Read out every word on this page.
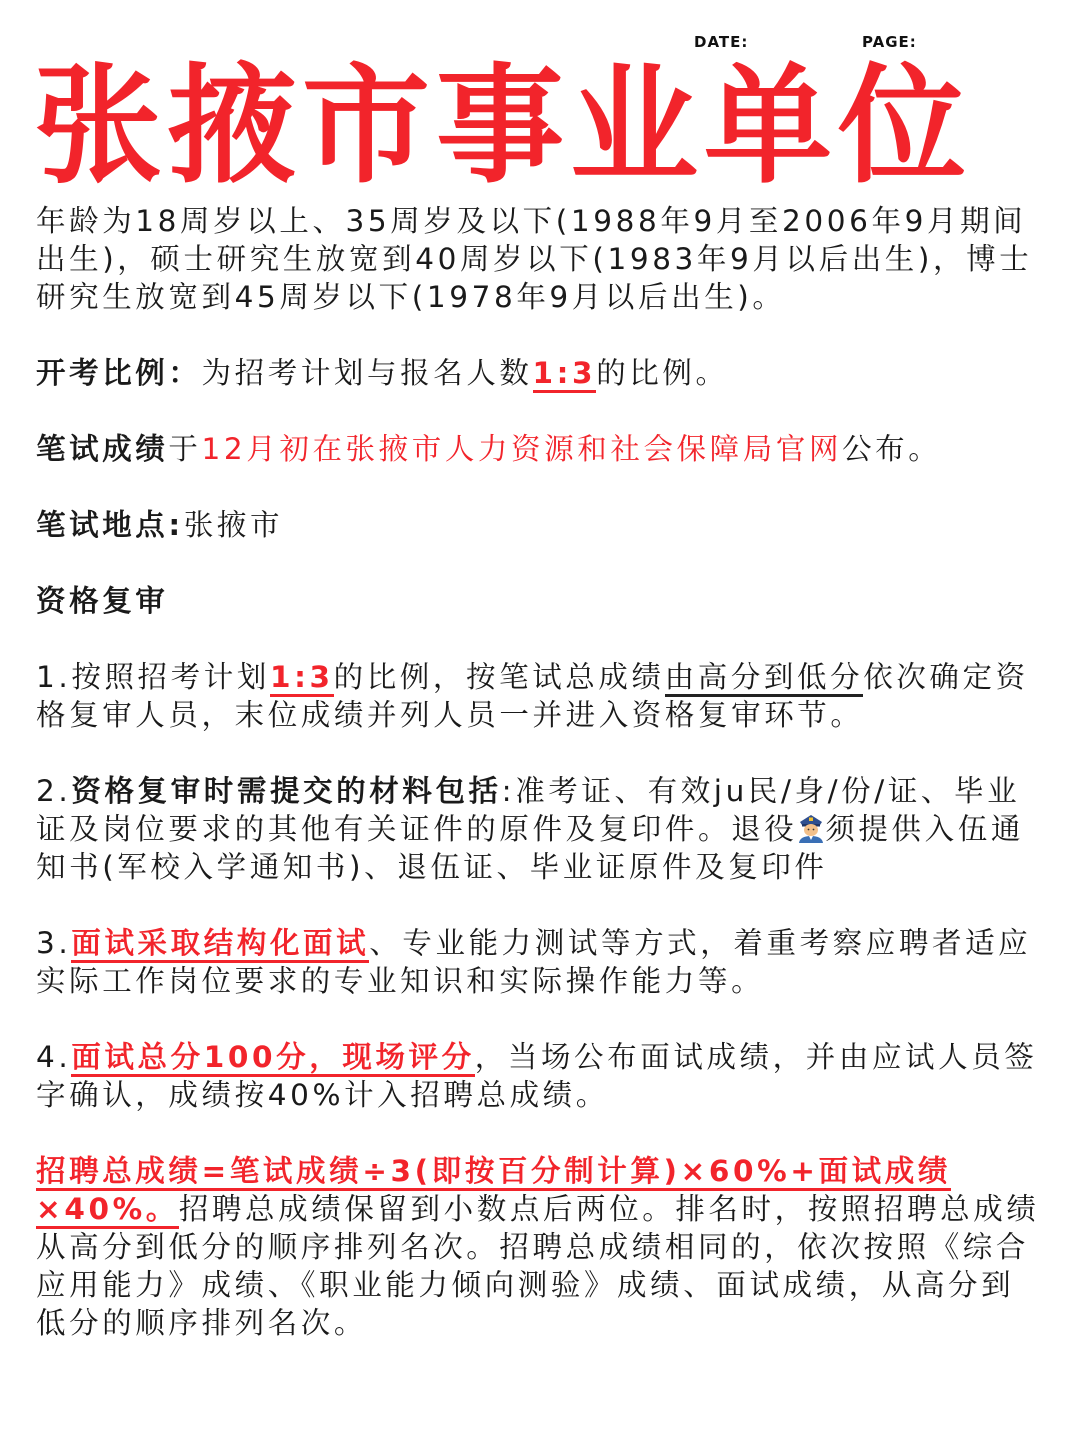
DATE:	PAGE:
张掖市事业单位

年龄为18周岁以上、35周岁及以下(1988年9月至2006年9月期间出生)，硕士研究生放宽到40周岁以下(1983年9月以后出生)，博士研究生放宽到45周岁以下(1978年9月以后出生)。

开考比例：为招考计划与报名人数1:3的比例。

笔试成绩于12月初在张掖市人力资源和社会保障局官网公布。

笔试地点:张掖市

资格复审

1.按照招考计划1:3的比例，按笔试总成绩由高分到低分依次确定资格复审人员，末位成绩并列人员一并进入资格复审环节。

2.资格复审时需提交的材料包括:准考证、有效ju民/身/份/证、毕业证及岗位要求的其他有关证件的原件及复印件。退役 须提供入伍通知书(军校入学通知书)、退伍证、毕业证原件及复印件

3.面试采取结构化面试、专业能力测试等方式，着重考察应聘者适应实际工作岗位要求的专业知识和实际操作能力等。

4.面试总分100分，现场评分，当场公布面试成绩，并由应试人员签字确认，成绩按40%计入招聘总成绩。

招聘总成绩=笔试成绩÷3(即按百分制计算)×60%+面试成绩×40%。招聘总成绩保留到小数点后两位。排名时，按照招聘总成绩从高分到低分的顺序排列名次。招聘总成绩相同的，依次按照《综合应用能力》成绩、《职业能力倾向测验》成绩、面试成绩，从高分到低分的顺序排列名次。
